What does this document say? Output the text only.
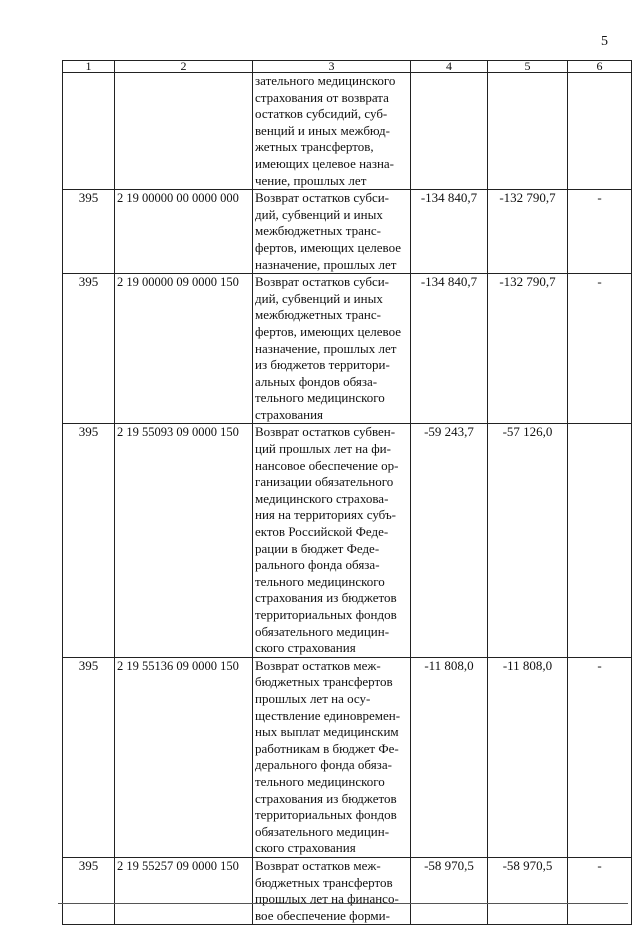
5
1	2	3	4	5	6
		зательного медицинского страхования от возврата остатков субсидий, суб-венций и иных межбюд-жетных трансфертов, имеющих целевое назна-чение, прошлых лет			
395	2 19 00000 00 0000 000	Возврат остатков субси-дий, субвенций и иных межбюджетных транс-фертов, имеющих целевое назначение, прошлых лет	-134 840,7	-132 790,7	-
395	2 19 00000 09 0000 150	Возврат остатков субси-дий, субвенций и иных межбюджетных транс-фертов, имеющих целевое назначение, прошлых лет из бюджетов территори-альных фондов обяза-тельного медицинского страхования	-134 840,7	-132 790,7	-
395	2 19 55093 09 0000 150	Возврат остатков субвен-ций прошлых лет на фи-нансовое обеспечение ор-ганизации обязательного медицинского страхова-ния на территориях субъ-ектов Российской Феде-рации в бюджет Феде-рального фонда обяза-тельного медицинского страхования из бюджетов территориальных фондов обязательного медицин-ского страхования	-59 243,7	-57 126,0	
395	2 19 55136 09 0000 150	Возврат остатков меж-бюджетных трансфертов прошлых лет на осу-ществление единовремен-ных выплат медицинским работникам в бюджет Фе-дерального фонда обяза-тельного медицинского страхования из бюджетов территориальных фондов обязательного медицин-ского страхования	-11 808,0	-11 808,0	-
395	2 19 55257 09 0000 150	Возврат остатков меж-бюджетных трансфертов прошлых лет на финансо-вое обеспечение форми-	-58 970,5	-58 970,5	-
